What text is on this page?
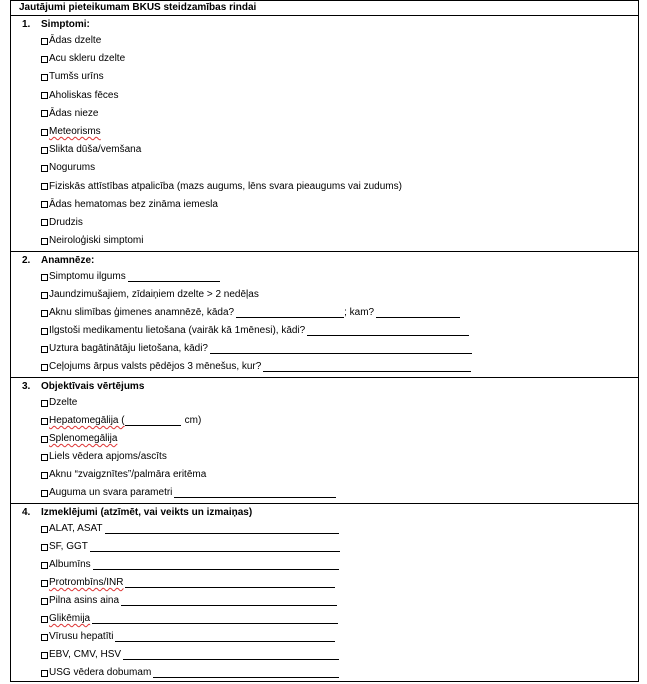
Jautājumi pieteikumam BKUS steidzamības rindai
1.	Simptomi:
Ādas dzelte
Acu skleru dzelte
Tumšs urīns
Aholiskas fēces
Ādas nieze
Meteorisms
Slikta dūša/vemšana
Nogurums
Fiziskās attīstības atpalicība (mazs augums, lēns svara pieaugums vai zudums)
Ādas hematomas bez zināma iemesla
Drudzis
Neiroloģiski simptomi
2.	Anamnēze:
Simptomu ilgums
Jaundzimušajiem, zīdaiņiem dzelte > 2 nedēļas
Aknu slimības ģimenes anamnēzē, kāda?	; kam?
Ilgstoši medikamentu lietošana (vairāk kā 1mēnesi), kādi?
Uztura bagātinātāju lietošana, kādi?
Ceļojums ārpus valsts pēdējos 3 mēnešus, kur?
3.	Objektīvais vērtējums
Dzelte
Hepatomegālija (	cm)
Splenomegālija
Liels vēdera apjoms/ascīts
Aknu “zvaigznītes”/palmāra eritēma
Auguma un svara parametri
4.	Izmeklējumi (atzīmēt, vai veikts un izmaiņas)
ALAT, ASAT
SF, GGT
Albumīns
Protrombīns/INR
Pilna asins aina
Glikēmija
Vīrusu hepatīti
EBV, CMV, HSV
USG vēdera dobumam
